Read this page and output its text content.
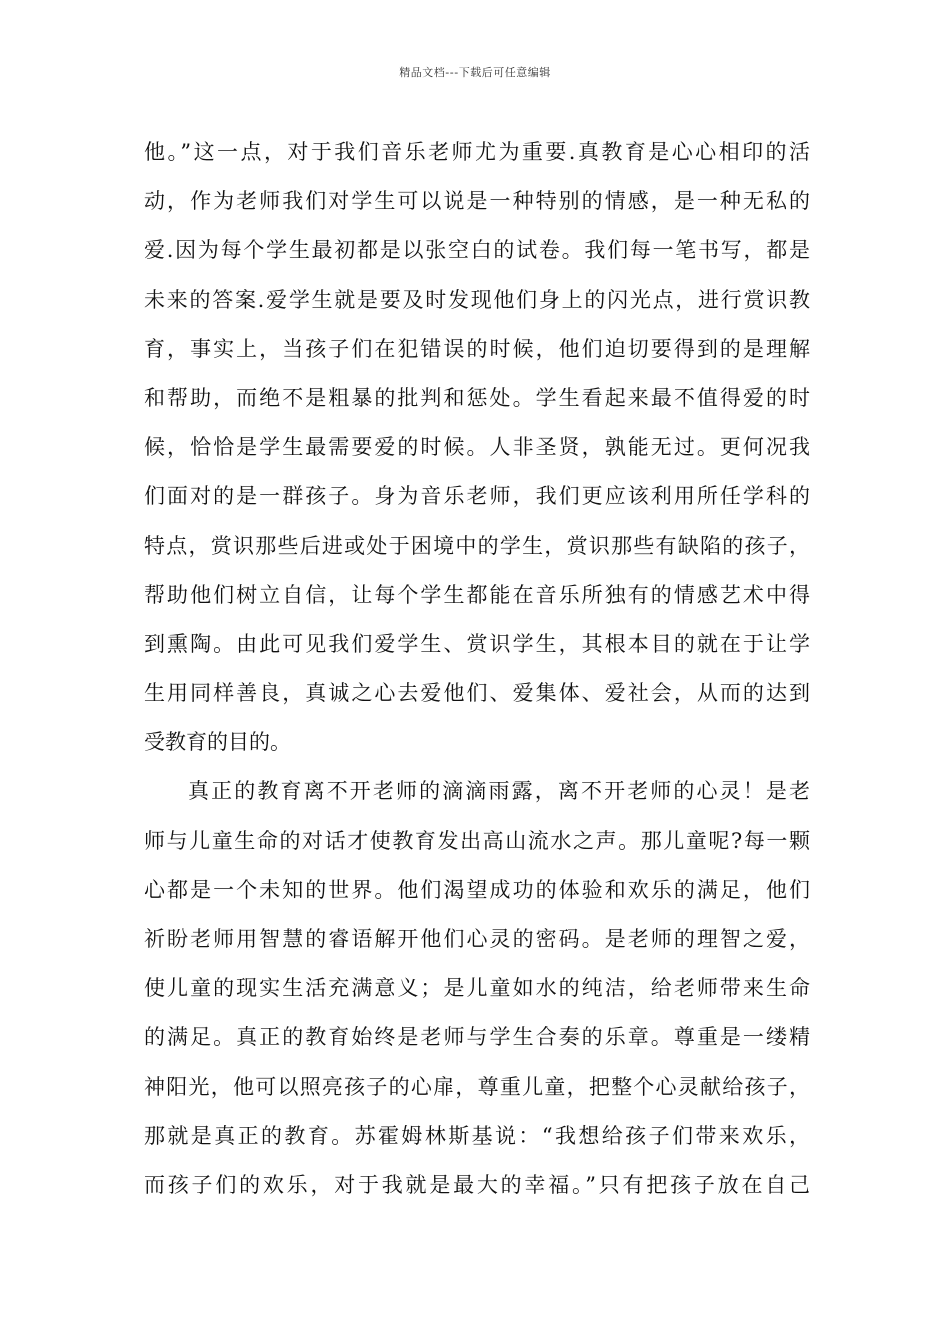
精品文档---下载后可任意编辑
他。”这一点，对于我们音乐老师尤为重要.真教育是心心相印的活
动，作为老师我们对学生可以说是一种特别的情感，是一种无私的
爱.因为每个学生最初都是以张空白的试卷。我们每一笔书写，都是
未来的答案.爱学生就是要及时发现他们身上的闪光点，进行赏识教
育，事实上，当孩子们在犯错误的时候，他们迫切要得到的是理解
和帮助，而绝不是粗暴的批判和惩处。学生看起来最不值得爱的时
候，恰恰是学生最需要爱的时候。人非圣贤，孰能无过。更何况我
们面对的是一群孩子。身为音乐老师，我们更应该利用所任学科的
特点，赏识那些后进或处于困境中的学生，赏识那些有缺陷的孩子，
帮助他们树立自信，让每个学生都能在音乐所独有的情感艺术中得
到熏陶。由此可见我们爱学生、赏识学生，其根本目的就在于让学
生用同样善良，真诚之心去爱他们、爱集体、爱社会，从而的达到
受教育的目的。
真正的教育离不开老师的滴滴雨露，离不开老师的心灵！是老
师与儿童生命的对话才使教育发出高山流水之声。那儿童呢?每一颗
心都是一个未知的世界。他们渴望成功的体验和欢乐的满足，他们
祈盼老师用智慧的睿语解开他们心灵的密码。是老师的理智之爱，
使儿童的现实生活充满意义；是儿童如水的纯洁，给老师带来生命
的满足。真正的教育始终是老师与学生合奏的乐章。尊重是一缕精
神阳光，他可以照亮孩子的心扉，尊重儿童，把整个心灵献给孩子，
那就是真正的教育。苏霍姆林斯基说：“我想给孩子们带来欢乐，
而孩子们的欢乐，对于我就是最大的幸福。”只有把孩子放在自己
